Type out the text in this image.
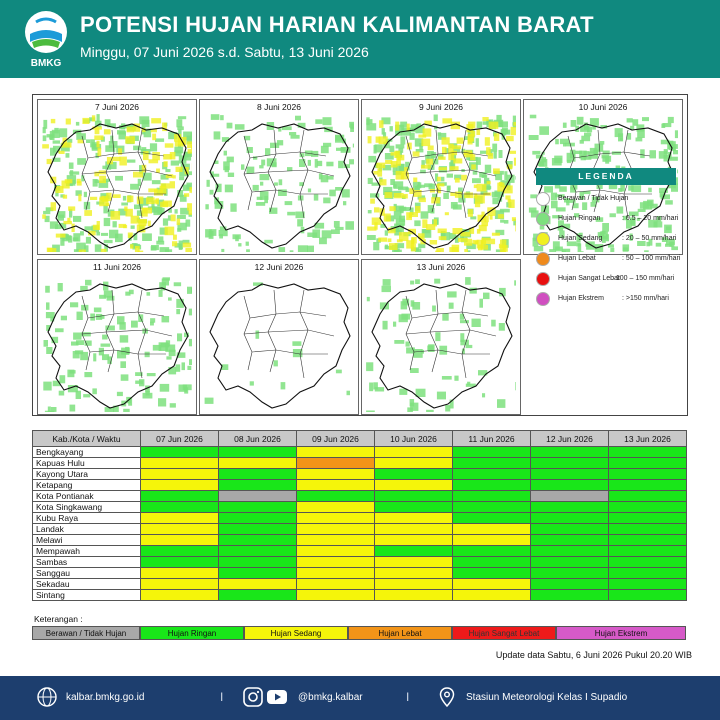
BMKG
POTENSI HUJAN HARIAN KALIMANTAN BARAT
Minggu, 07 Juni 2026 s.d. Sabtu, 13 Juni 2026
7 Juni 2026	8 Juni 2026	9 Juni 2026	10 Juni 2026
11 Juni 2026	12 Juni 2026	13 Juni 2026
LEGENDA
Berawan / Tidak Hujan
Hujan Ringan	: 0.5 – 20 mm/hari
Hujan Sedang	: 20 – 50 mm/hari
Hujan Lebat	: 50 – 100 mm/hari
Hujan Sangat Lebat
: 100 – 150 mm/hari
Hujan Ekstrem	: >150 mm/hari
Kab./Kota / Waktu	07 Jun 2026	08 Jun 2026	09 Jun 2026	10 Jun 2026	11 Jun 2026	12 Jun 2026	13 Jun 2026
Bengkayang							
Kapuas Hulu							
Kayong Utara							
Ketapang							
Kota Pontianak							
Kota Singkawang							
Kubu Raya							
Landak							
Melawi							
Mempawah							
Sambas							
Sanggau							
Sekadau							
Sintang							
Keterangan :
Berawan / Tidak Hujan	Hujan Ringan	Hujan Sedang	Hujan Lebat	Hujan Sangat Lebat	Hujan Ekstrem
Update data Sabtu, 6 Juni 2026 Pukul 20.20 WIB
kalbar.bmkg.go.id	I	@bmkg.kalbar	I	Stasiun Meteorologi Kelas I Supadio
